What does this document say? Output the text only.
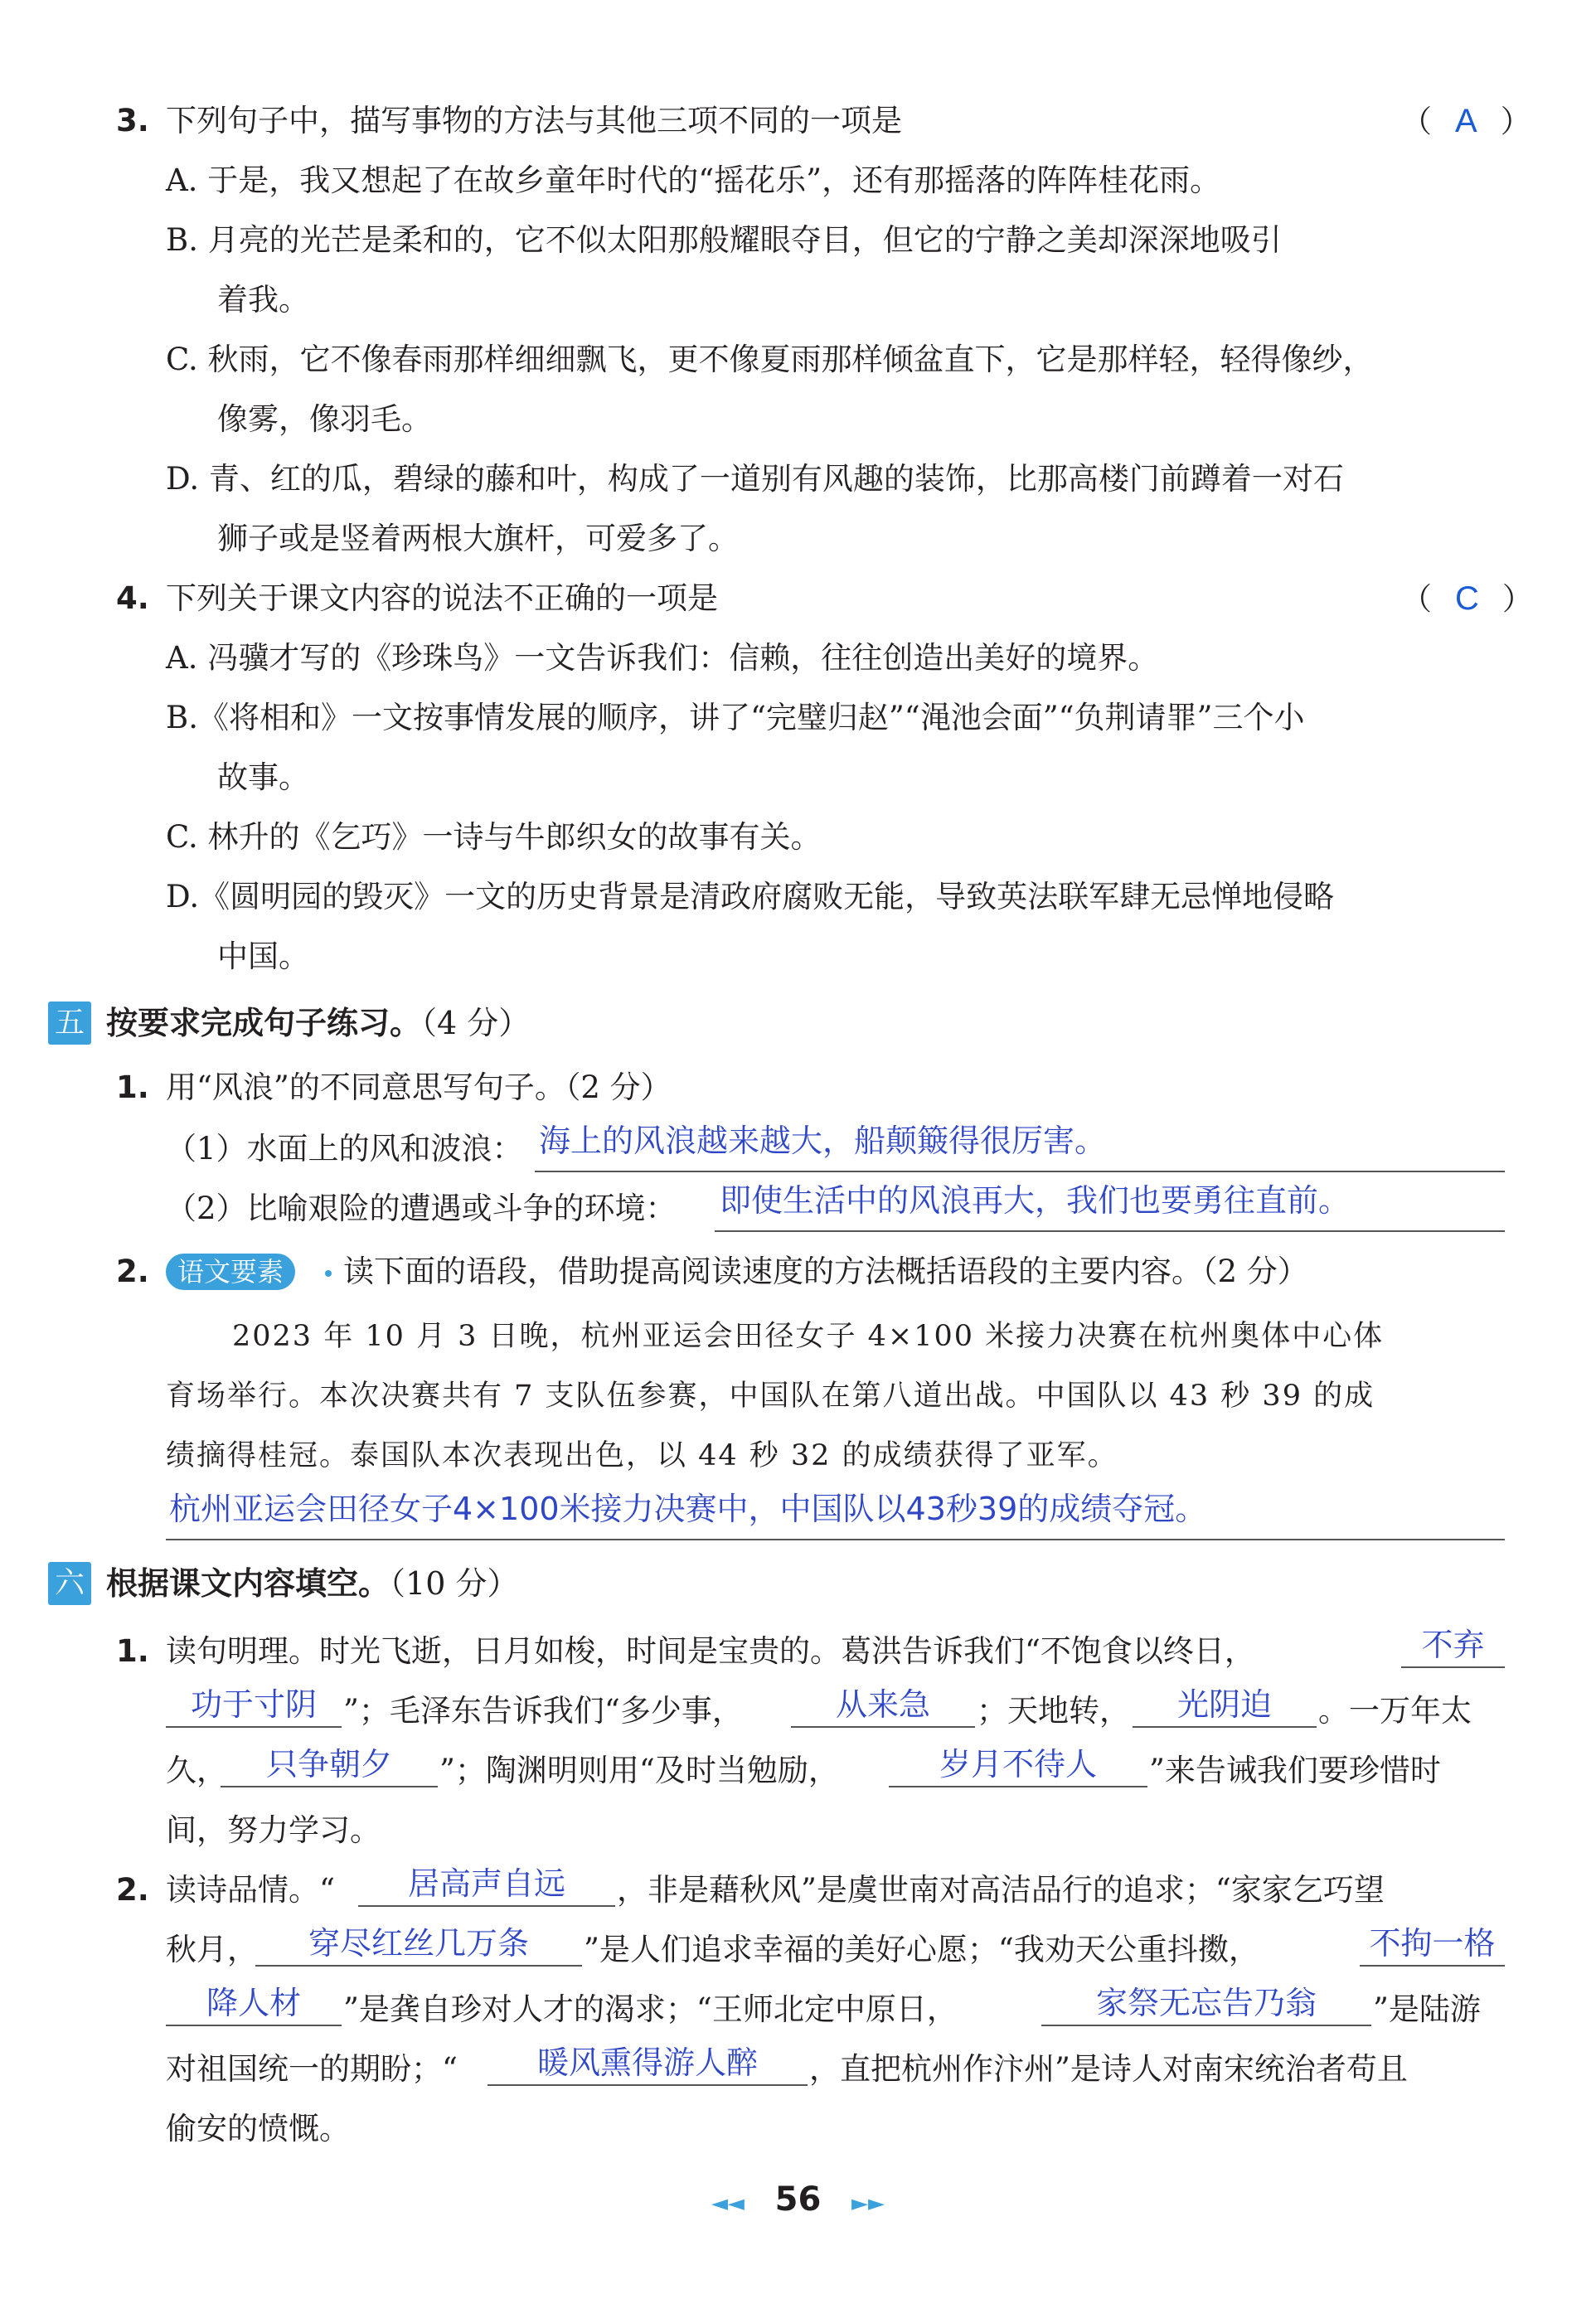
3. 下列句子中，描写事物的方法与其他三项不同的一项是	（ A ）
A. 于是，我又想起了在故乡童年时代的“摇花乐”，还有那摇落的阵阵桂花雨。
B. 月亮的光芒是柔和的，它不似太阳那般耀眼夺目，但它的宁静之美却深深地吸引
着我。
C. 秋雨，它不像春雨那样细细飘飞，更不像夏雨那样倾盆直下，它是那样轻，轻得像纱，
像雾，像羽毛。
D. 青、红的瓜，碧绿的藤和叶，构成了一道别有风趣的装饰，比那高楼门前蹲着一对石
狮子或是竖着两根大旗杆，可爱多了。
4. 下列关于课文内容的说法不正确的一项是	（ C ）
A. 冯骥才写的《珍珠鸟》一文告诉我们：信赖，往往创造出美好的境界。
B.《将相和》一文按事情发展的顺序，讲了“完璧归赵”“渑池会面”“负荆请罪”三个小
故事。
C. 林升的《乞巧》一诗与牛郎织女的故事有关。
D.《圆明园的毁灭》一文的历史背景是清政府腐败无能，导致英法联军肆无忌惮地侵略
中国。
五 按要求完成句子练习。（4 分）
1. 用“风浪”的不同意思写句子。（2 分）
（1）水面上的风和波浪： 海上的风浪越来越大，船颠簸得很厉害。
（2）比喻艰险的遭遇或斗争的环境： 即使生活中的风浪再大，我们也要勇往直前。
2.	语文要素	读下面的语段，借助提高阅读速度的方法概括语段的主要内容。（2 分）
2023 年 10 月 3 日晚，杭州亚运会田径女子 4×100 米接力决赛在杭州奥体中心体
育场举行。本次决赛共有 7 支队伍参赛，中国队在第八道出战。中国队以 43 秒 39 的成
绩摘得桂冠。泰国队本次表现出色，以 44 秒 32 的成绩获得了亚军。
杭州亚运会田径女子4×100米接力决赛中，中国队以43秒39的成绩夺冠。
六 根据课文内容填空。（10 分）
1. 读句明理。时光飞逝，日月如梭，时间是宝贵的。葛洪告诉我们“不饱食以终日，	不弃
功于寸阴 ”；毛泽东告诉我们“多少事，	从来急	；天地转，	光阴迫	。一万年太
久，	只争朝夕	”；陶渊明则用“及时当勉励，	岁月不待人	”来告诫我们要珍惜时
间，努力学习。
2. 读诗品情。“	居高声自远	，非是藉秋风”是虞世南对高洁品行的追求；“家家乞巧望
秋月，	穿尽红丝几万条	”是人们追求幸福的美好心愿；“我劝天公重抖擞，	不拘一格
降人材	”是龚自珍对人才的渴求；“王师北定中原日，	家祭无忘告乃翁	”是陆游
对祖国统一的期盼；“	暖风熏得游人醉	，直把杭州作汴州”是诗人对南宋统治者苟且
偷安的愤慨。
◄◄ 56 ►►
